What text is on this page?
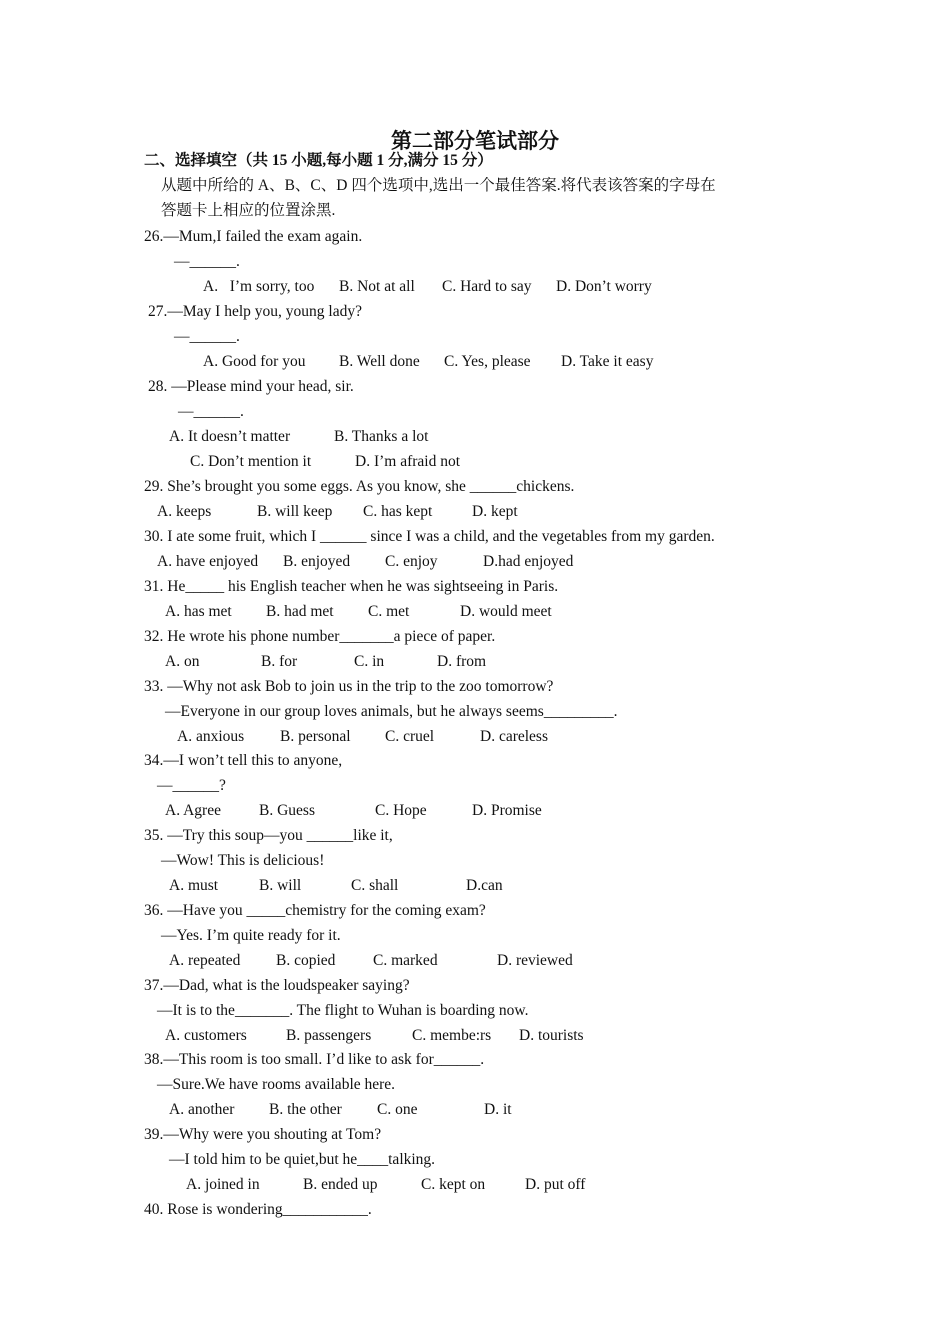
第二部分笔试部分
二、选择填空（共 15 小题,每小题 1 分,满分 15 分）
从题中所给的 A、B、C、D 四个选项中,选出一个最佳答案.将代表该答案的字母在
答题卡上相应的位置涂黑.
26.—Mum,I failed the exam again.
—______.
A.   I’m sorry, too B. Not at all C. Hard to say D. Don’t worry
27.—May I help you, young lady?
—______.
A. Good for you B. Well done C. Yes, please D. Take it easy
28. —Please mind your head, sir.
—______.
A. It doesn’t matter	B. Thanks a lot
C. Don’t mention it	D. I’m afraid not
29. She’s brought you some eggs. As you know, she ______chickens.
A. keeps	B. will keep C. has kept	D. kept
30. I ate some fruit, which I ______ since I was a child, and the vegetables from my garden.
A. have enjoyed B. enjoyed C. enjoy	D.had enjoyed
31. He_____ his English teacher when he was sightseeing in Paris.
A. has met B. had met C. met	D. would meet
32. He wrote his phone number_______a piece of paper.
A. on	B. for	C. in	D. from
33. —Why not ask Bob to join us in the trip to the zoo tomorrow?
—Everyone in our group loves animals, but he always seems_________.
A. anxious B. personal C. cruel	D. careless
34.—I won’t tell this to anyone,
—______?
A. Agree B. Guess	C. Hope	D. Promise
35. —Try this soup—you ______like it,
—Wow! This is delicious!
A. must	B. will	C. shall	D.can
36. —Have you _____chemistry for the coming exam?
—Yes. I’m quite ready for it.
A. repeated B. copied C. marked	D. reviewed
37.—Dad, what is the loudspeaker saying?
—It is to the_______. The flight to Wuhan is boarding now.
A. customers	B. passengers	C. membe:rs D. tourists
38.—This room is too small. I’d like to ask for______.
—Sure.We have rooms available here.
A. another B. the other C. one	D. it
39.—Why were you shouting at Tom?
—I told him to be quiet,but he____talking.
A. joined in	B. ended up	C. kept on	D. put off
40. Rose is wondering___________.
